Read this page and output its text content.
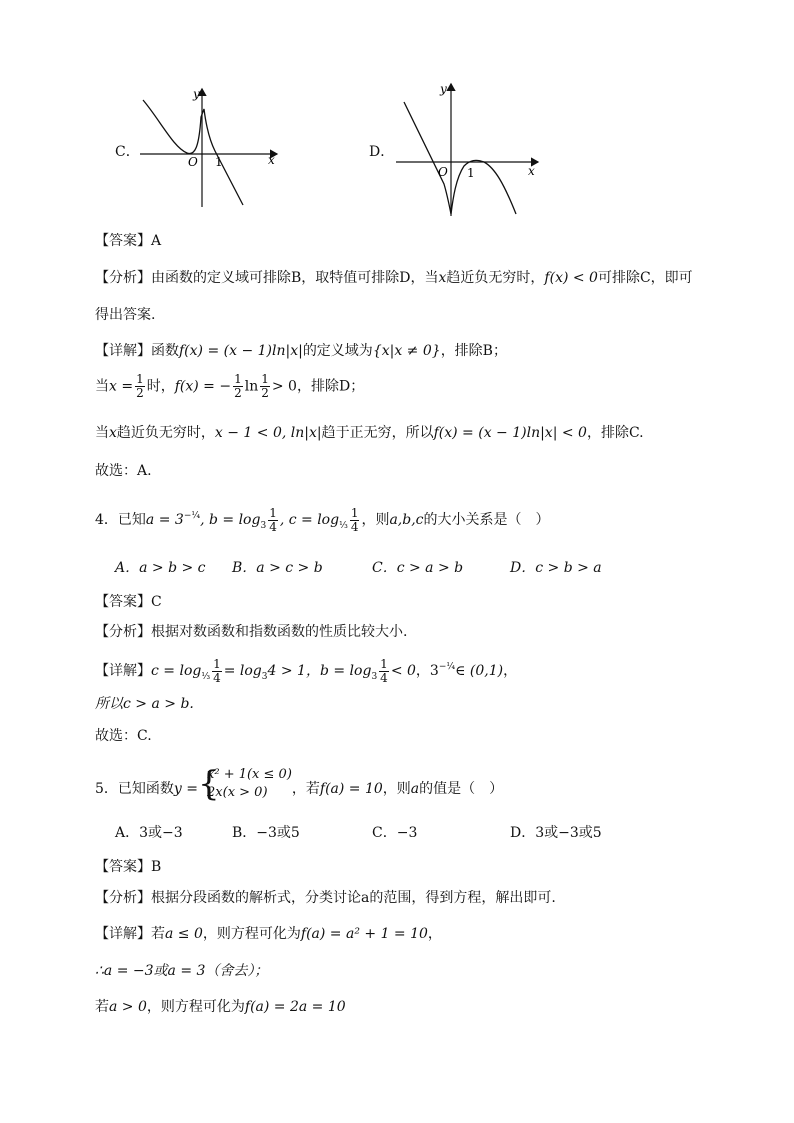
C．
y
x
O 1
D．
y
x
O 1
【答案】A
【分析】由函数的定义域可排除B，取特值可排除D，当x趋近负无穷时，f(x) < 0可排除C，即可
得出答案.
【详解】函数f(x) = (x − 1)ln|x|的定义域为{x|x ≠ 0}，排除B；
当$x = \frac{1}{2}$ 时，f(x) = − $\frac{1}{2}$ $\ln \frac{1}{2} > 0$，排除D；
当x趋近负无穷时，x − 1 < 0, ln|x|趋于正无穷，所以f(x) = (x − 1)ln|x| < 0，排除C.
故选：A.
4．已知$a = 3^{-\frac{1}{4}}$, $b = \log_3 \frac{1}{4}$ , $c = \log_{\frac{1}{3}} \frac{1}{4}$ ，则a,b,c的大小关系是（　）
A．a > b > c B．a > c > b	C．c > a > b	D．c > b > a
【答案】C
【分析】根据对数函数和指数函数的性质比较大小.
【详解】$c = \log_{\frac{1}{3}} \frac{1}{4} = \log_34 > 1$，$b = \log_3 \frac{1}{4} < 0$，$3^{-\frac{1}{4}}\in$ (0,1)，
所以c > a > b.
故选：C.
5．已知函数y = {
x² + 1(x ≤ 0)
2x(x > 0)	，若f(a) = 10，则a的值是（　）
A．3或−3	B．−3或5	C．−3	D．3或−3或5
【答案】B
【分析】根据分段函数的解析式，分类讨论a的范围，得到方程，解出即可.
【详解】若a ≤ 0，则方程可化为f(a) = a² + 1 = 10，
∴a = −3或a = 3（舍去）；
若a > 0，则方程可化为f(a) = 2a = 10
